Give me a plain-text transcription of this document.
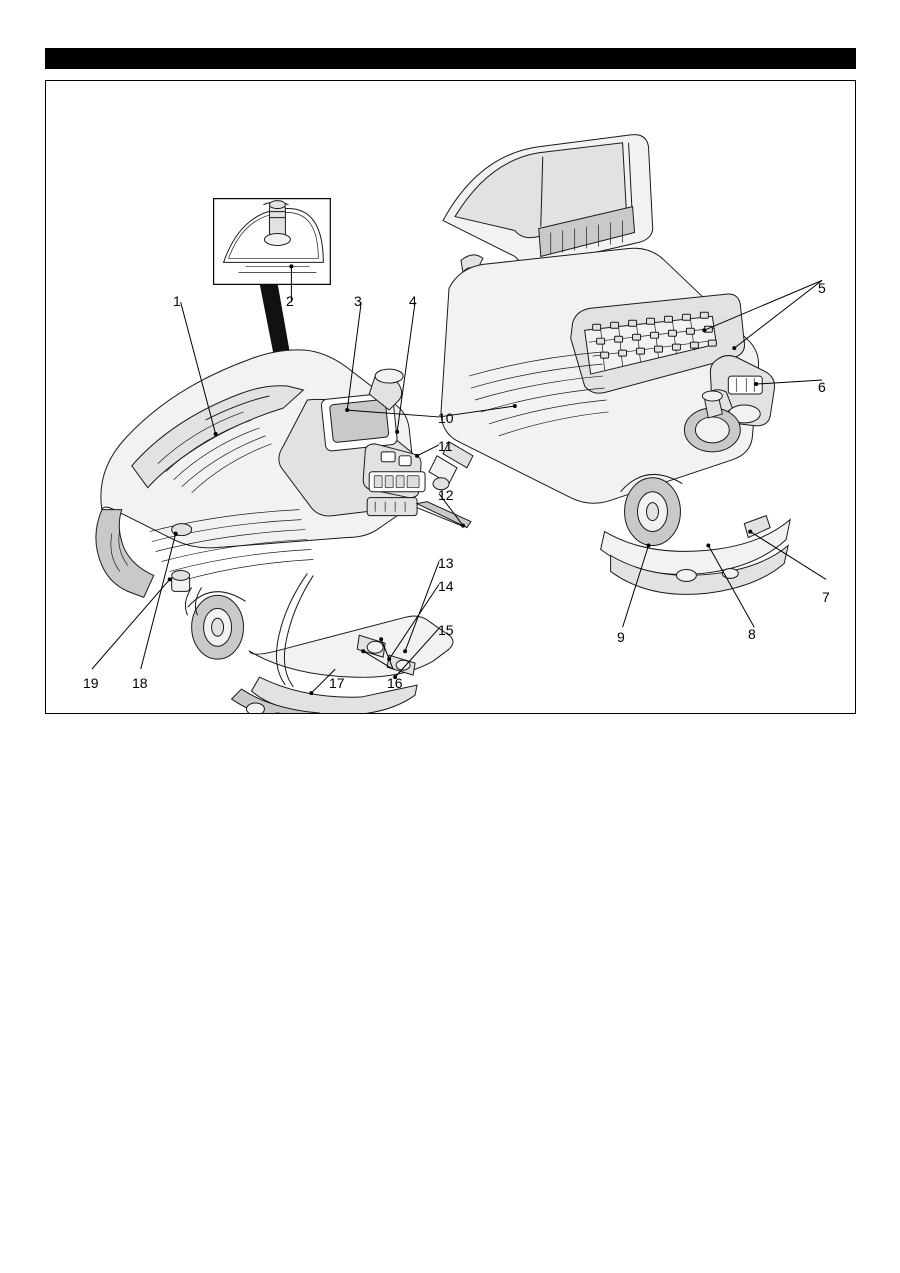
1	2	3	4
5
6
7
8
9
10
11
12
13
14
15
16
17
18
19
